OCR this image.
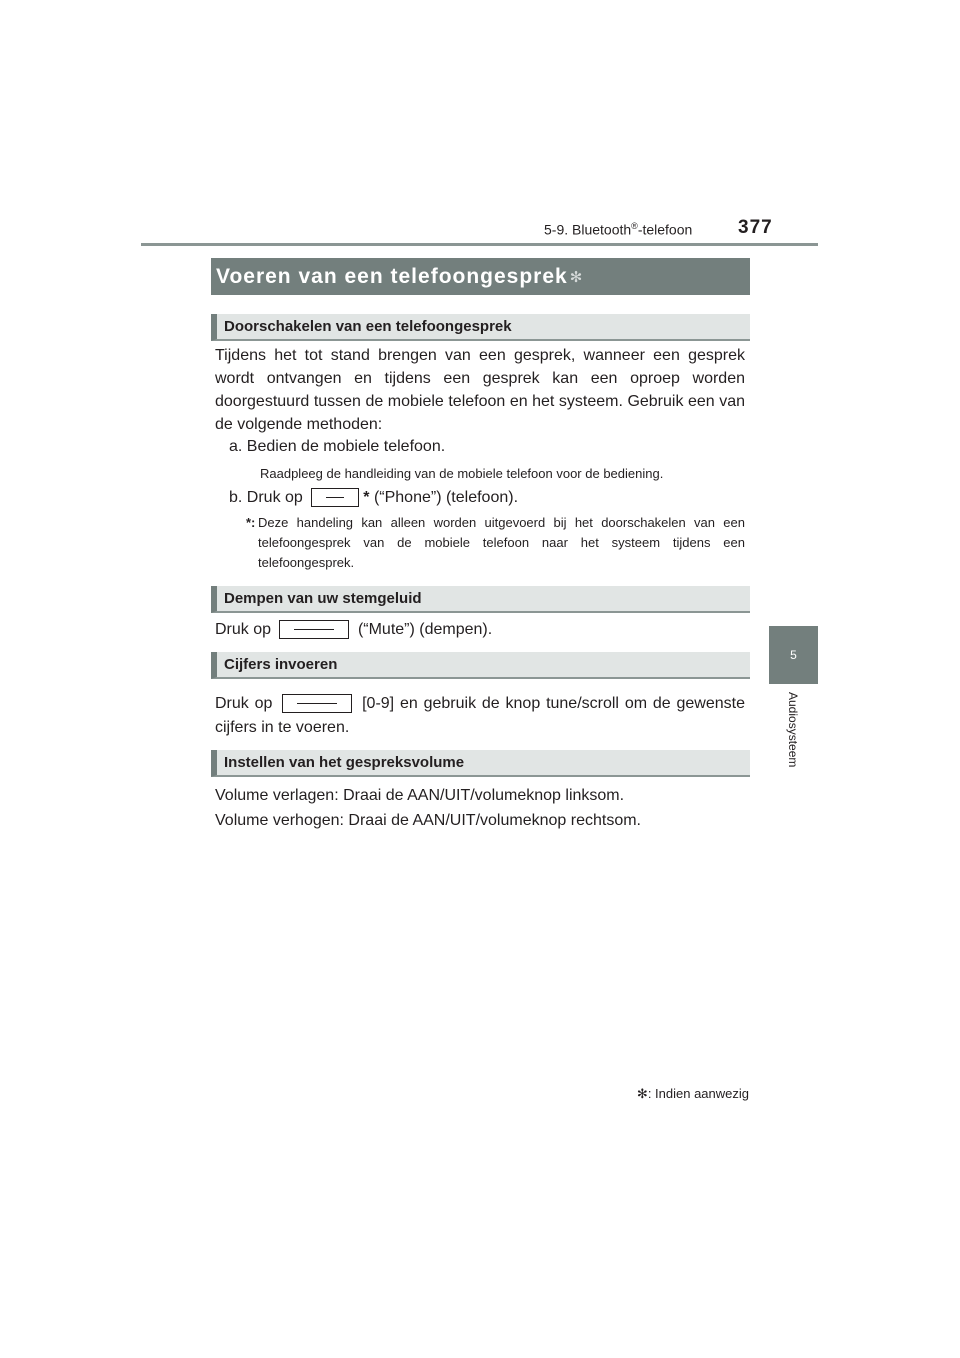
5-9. Bluetooth®-telefoon 377
5
Audiosysteem
Voeren van een telefoongesprek ✻
Doorschakelen van een telefoongesprek
Tijdens het tot stand brengen van een gesprek, wanneer een gesprek wordt ontvangen en tijdens een gesprek kan een oproep worden doorgestuurd tussen de mobiele telefoon en het systeem. Gebruik een van de volgende methoden:
a. Bedien de mobiele telefoon.
Raadpleeg de handleiding van de mobiele telefoon voor de bediening.
b. Druk op	* (“Phone”) (telefoon).
*: Deze handeling kan alleen worden uitgevoerd bij het doorschakelen van een telefoongesprek van de mobiele telefoon naar het systeem tijdens een telefoongesprek.
Dempen van uw stemgeluid
Druk op	(“Mute”) (dempen).
Cijfers invoeren
Druk op	[0-9] en gebruik de knop tune/scroll om de gewenste cijfers in te voeren.
Instellen van het gespreksvolume
Volume verlagen: Draai de AAN/UIT/volumeknop linksom.
Volume verhogen: Draai de AAN/UIT/volumeknop rechtsom.
✻: Indien aanwezig
